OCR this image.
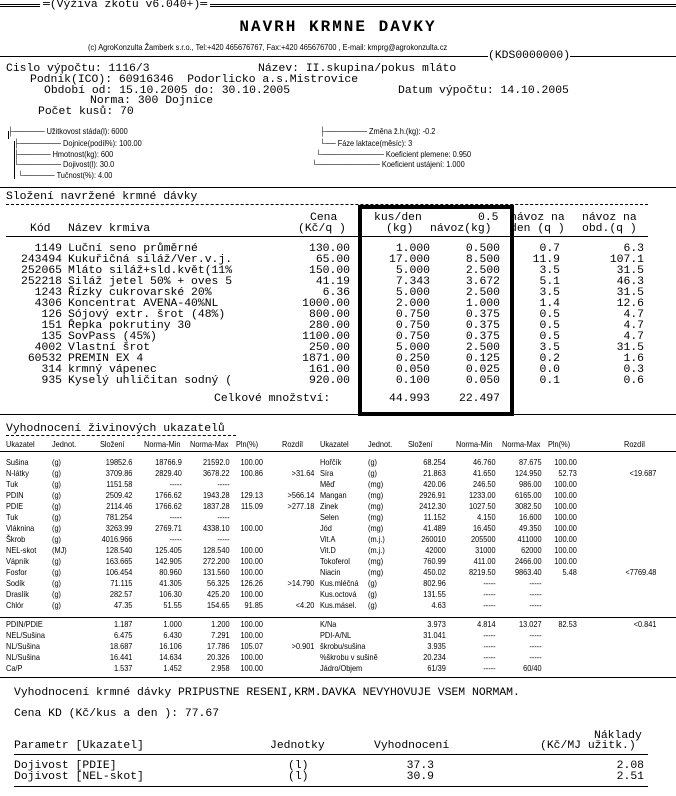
═(Výživa zkotu v6.040+)═
NAVRH KRMNE DAVKY
(c) AgroKonzulta Žamberk s.r.o., Tel:+420 465676767, Fax:+420 465676700 , E-mail: kmprg@agrokonzulta.cz
(KDS0000000)
Cislo výpočtu: 1116/3	Název: II.skupina/pokus mláto
Podnik(ICO): 60916346  Podorlicko a.s.Mistrovice
Období od: 15.10.2005 do: 30.10.2005	Datum výpočtu: 14.10.2005
Norma: 300 Dojnice
Počet kusů: 70
├────── Užitkovost stáda(l): 6000
├──────── Dojnice(podíl%): 100.00
├────── Hmotnost(kg): 600
└──────── Dojivost(l): 30.0
└────── Tučnost(%): 4.00
├──────── Změna ž.h.(kg): -0.2
└── Fáze laktace(měsíc): 3
└──────────── Koeficient plemene: 0.950
└──────────── Koeficient ustájení: 1.000
Složení navržené krmné dávky
Cena
(Kč/q )
Kód Název krmiva
kus/den	0.5
(kg) návoz(kg)
návoz na
den (q )
návoz na
obd.(q )
1149 Luční seno průměrné	130.00	1.000	0.500	0.7	6.3
243494 Kukuřičná siláž/Ver.v.j.	65.00	17.000	8.500	11.9	107.1
252065 Mláto siláž+sld.květ(11%	150.00	5.000	2.500	3.5	31.5
252218 Siláž jetel 50% + oves 5	41.19	7.343	3.672	5.1	46.3
1243 Řízky cukrovarské 20%	6.36	5.000	2.500	3.5	31.5
4306 Koncentrat AVENA-40%NL	1000.00	2.000	1.000	1.4	12.6
126 Sójový extr. šrot (48%)	800.00	0.750	0.375	0.5	4.7
151 Řepka pokrutiny 30	280.00	0.750	0.375	0.5	4.7
135 SovPass (45%)	1100.00	0.750	0.375	0.5	4.7
4002 Vlastní šrot	250.00	5.000	2.500	3.5	31.5
60532 PREMIN EX 4	1871.00	0.250	0.125	0.2	1.6
314 krmný vápenec	161.00	0.050	0.025	0.0	0.3
935 Kyselý uhličitan sodný (	920.00	0.100	0.050	0.1	0.6
Celkové množství:	44.993	22.497
Vyhodnocení živinových ukazatelů
Ukazatel	Ukazatel
Jednot.	Jednot.
Složení	Složení
Norma-Min	Norma-Min
Norma-Max	Norma-Max
Pln(%)	Pln(%)
Rozdíl	Rozdíl
Sušina	(g)	19852.6	18766.9	21592.0	100.00
N-látky	(g)	3709.86	2829.40	3678.22	100.86	>31.64
Tuk	(g)	1151.58	-----	-----
PDIN	(g)	2509.42	1766.62	1943.28	129.13	>566.14
PDIE	(g)	2114.46	1766.62	1837.28	115.09	>277.18
Tuk	(g)	781.254	-----	-----
Vláknina (g)	3263.99	2769.71	4338.10	100.00
Škrob	(g)	4016.966	-----	-----
NEL-skot (MJ)	128.540	125.405	128.540	100.00
Vápník	(g)	163.665	142.905	272.200	100.00
Fosfor	(g)	106.454	80.960	131.560	100.00
Sodík	(g)	71.115	41.305	56.325	126.26	>14.790
Draslík	(g)	282.57	106.30	425.20	100.00
Chlór	(g)	47.35	51.55	154.65	91.85	<4.20
Hořčík	(g)	68.254	46.760	87.675	100.00
Síra	(g)	21.863	41.650	124.950	52.73	<19.687
Měď	(mg)	420.06	246.50	986.00	100.00
Mangan	(mg)	2926.91	1233.00	6165.00	100.00
Zinek	(mg)	2412.30	1027.50	3082.50	100.00
Selen	(mg)	11.152	4.150	16.600	100.00
Jód	(mg)	41.489	16.450	49.350	100.00
Vit.A	(m.j.)	260010	205500	411000	100.00
Vit.D	(m.j.)	42000	31000	62000	100.00
Tokoferol (mg)	760.99	411.00	2466.00	100.00
Niacin	(mg)	450.02	8219.50	9863.40	5.48	<7769.48
Kus.mléčná (g)	802.96	-----	-----
Kus.octová (g)	131.55	-----	-----
Kus.másel. (g)	4.63	-----	-----
PDIN/PDIE	1.187	1.000	1.200	100.00
NEL/Sušina	6.475	6.430	7.291	100.00
NL/Sušina	18.687	16.106	17.786	105.07	>0.901
NL/Sušina	16.441	14.634	20.326	100.00
Ca/P	1.537	1.452	2.958	100.00
K/Na	3.973	4.814	13.027	82.53	<0.841
PDI-A/NL	31.041	-----	-----
škrobu/sušina	3.935	-----	-----
%škrobu v sušině	20.234	-----	-----
Jádro/Objem	61/39	-----	60/40
Vyhodnocení krmné dávky PRIPUSTNE RESENI,KRM.DAVKA NEVYHOVUJE VSEM NORMAM.
Cena KD (Kč/kus a den ): 77.67
Náklady
(Kč/MJ užitk.)
Parametr [Ukazatel]	Jednotky	Vyhodnocení
Dojivost [PDIE]	(l)	37.3	2.08
Dojivost [NEL-skot]	(l)	30.9	2.51
